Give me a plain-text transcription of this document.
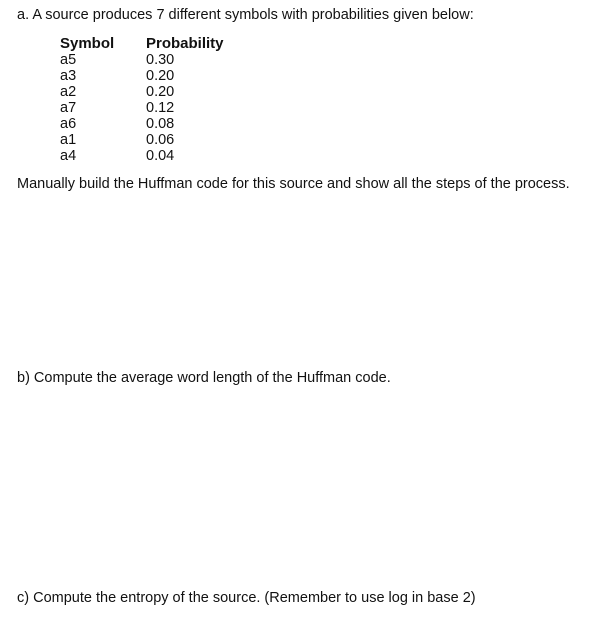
a. A source produces 7 different symbols with probabilities given below:
Symbol Probability
a5	0.30
a3	0.20
a2	0.20
a7	0.12
a6	0.08
a1	0.06
a4	0.04
Manually build the Huffman code for this source and show all the steps of the process.
b) Compute the average word length of the Huffman code.
c) Compute the entropy of the source. (Remember to use log in base 2)
